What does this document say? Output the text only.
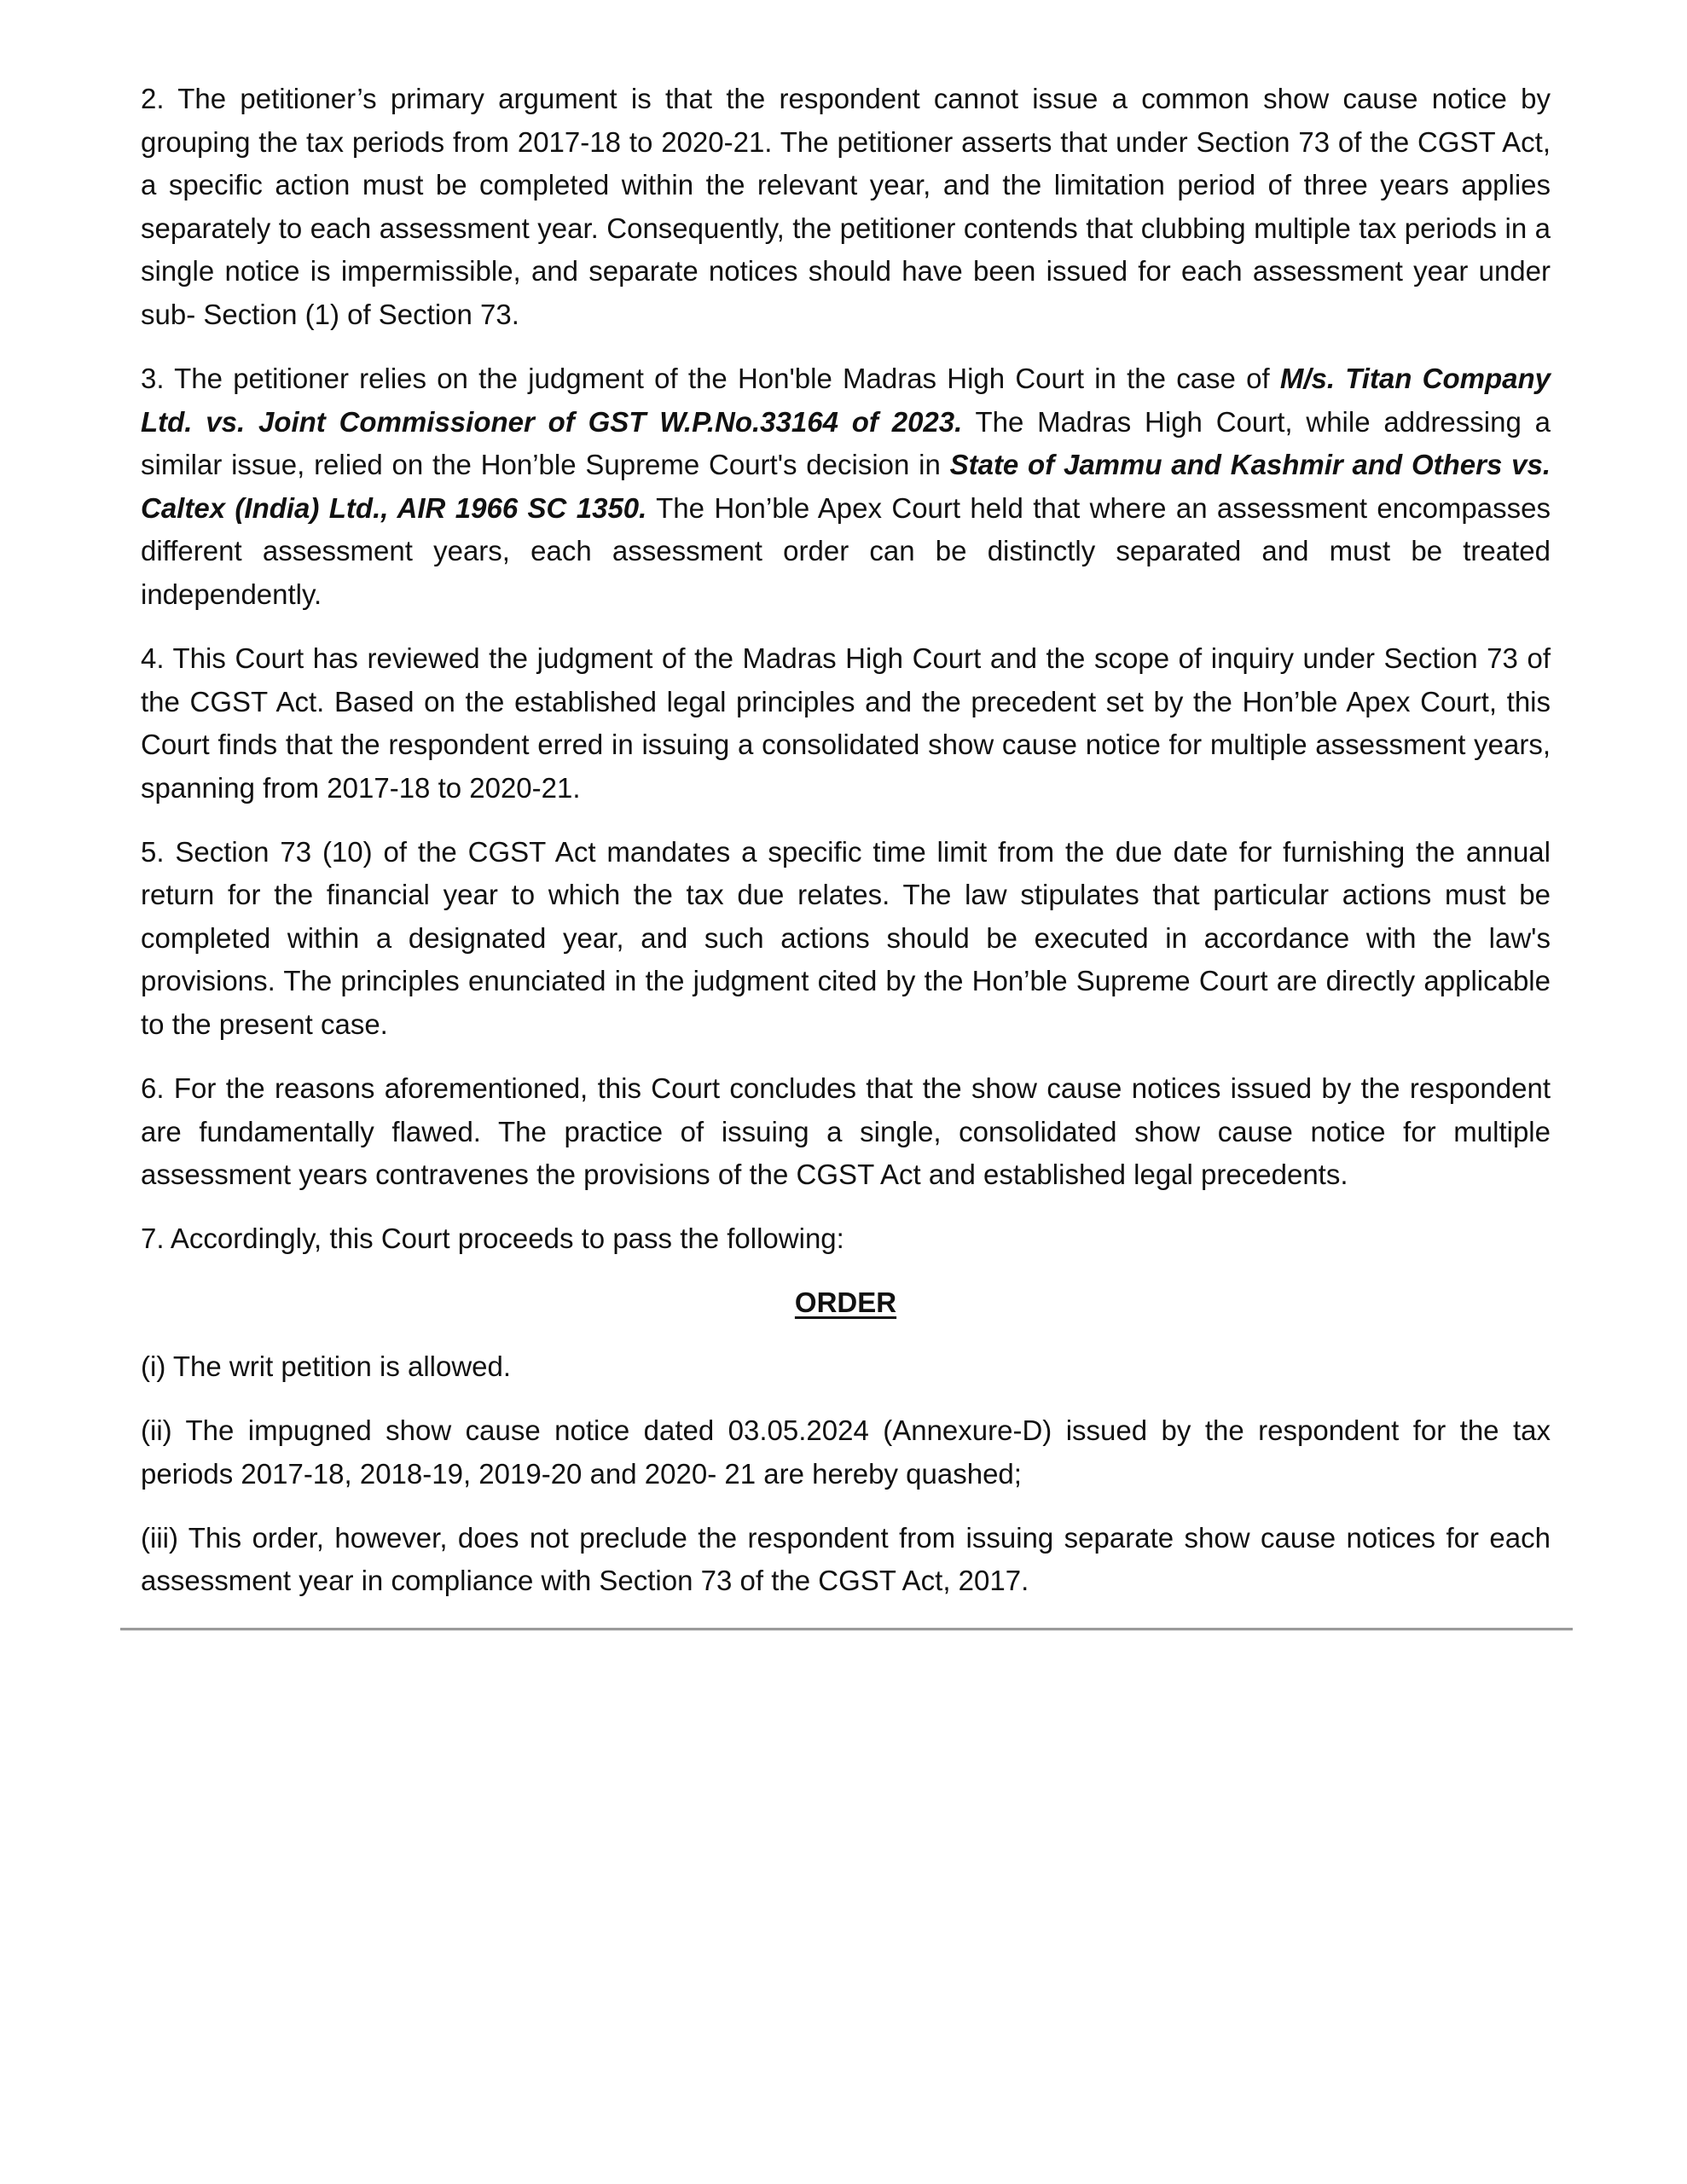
2. The petitioner’s primary argument is that the respondent cannot issue a common show cause notice by grouping the tax periods from 2017-18 to 2020-21. The petitioner asserts that under Section 73 of the CGST Act, a specific action must be completed within the relevant year, and the limitation period of three years applies separately to each assessment year. Consequently, the petitioner contends that clubbing multiple tax periods in a single notice is impermissible, and separate notices should have been issued for each assessment year under sub- Section (1) of Section 73.

3. The petitioner relies on the judgment of the Hon'ble Madras High Court in the case of M/s. Titan Company Ltd. vs. Joint Commissioner of GST W.P.No.33164 of 2023. The Madras High Court, while addressing a similar issue, relied on the Hon’ble Supreme Court's decision in State of Jammu and Kashmir and Others vs. Caltex (India) Ltd., AIR 1966 SC 1350. The Hon’ble Apex Court held that where an assessment encompasses different assessment years, each assessment order can be distinctly separated and must be treated independently.

4. This Court has reviewed the judgment of the Madras High Court and the scope of inquiry under Section 73 of the CGST Act. Based on the established legal principles and the precedent set by the Hon’ble Apex Court, this Court finds that the respondent erred in issuing a consolidated show cause notice for multiple assessment years, spanning from 2017-18 to 2020-21.

5. Section 73 (10) of the CGST Act mandates a specific time limit from the due date for furnishing the annual return for the financial year to which the tax due relates. The law stipulates that particular actions must be completed within a designated year, and such actions should be executed in accordance with the law's provisions. The principles enunciated in the judgment cited by the Hon’ble Supreme Court are directly applicable to the present case.

6. For the reasons aforementioned, this Court concludes that the show cause notices issued by the respondent are fundamentally flawed. The practice of issuing a single, consolidated show cause notice for multiple assessment years contravenes the provisions of the CGST Act and established legal precedents.

7. Accordingly, this Court proceeds to pass the following:

ORDER

(i) The writ petition is allowed.

(ii) The impugned show cause notice dated 03.05.2024 (Annexure-D) issued by the respondent for the tax periods 2017-18, 2018-19, 2019-20 and 2020- 21 are hereby quashed;

(iii) This order, however, does not preclude the respondent from issuing separate show cause notices for each assessment year in compliance with Section 73 of the CGST Act, 2017.
